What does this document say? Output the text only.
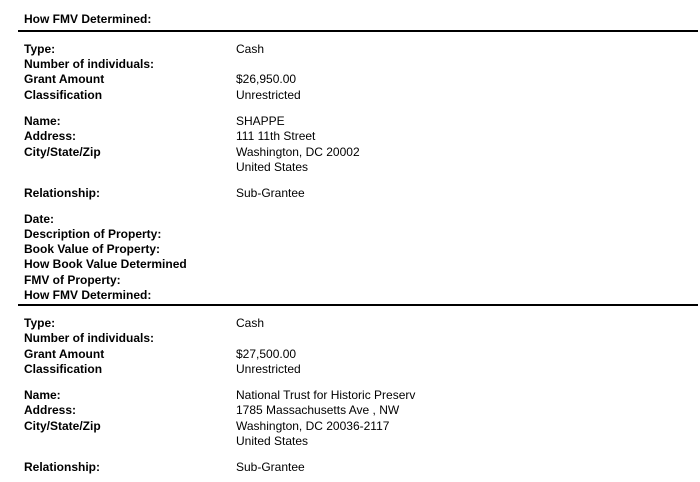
How FMV Determined:
Type:	Cash
Number of individuals:
Grant Amount	$26,950.00
Classification	Unrestricted
Name:	SHAPPE
Address:	111 11th Street
City/State/Zip	Washington, DC 20002
United States
Relationship:	Sub-Grantee
Date:
Description of Property:
Book Value of Property:
How Book Value Determined
FMV of Property:
How FMV Determined:
Type:	Cash
Number of individuals:
Grant Amount	$27,500.00
Classification	Unrestricted
Name:	National Trust for Historic Preserv
Address:	1785 Massachusetts Ave , NW
City/State/Zip	Washington, DC 20036-2117
United States
Relationship:	Sub-Grantee
